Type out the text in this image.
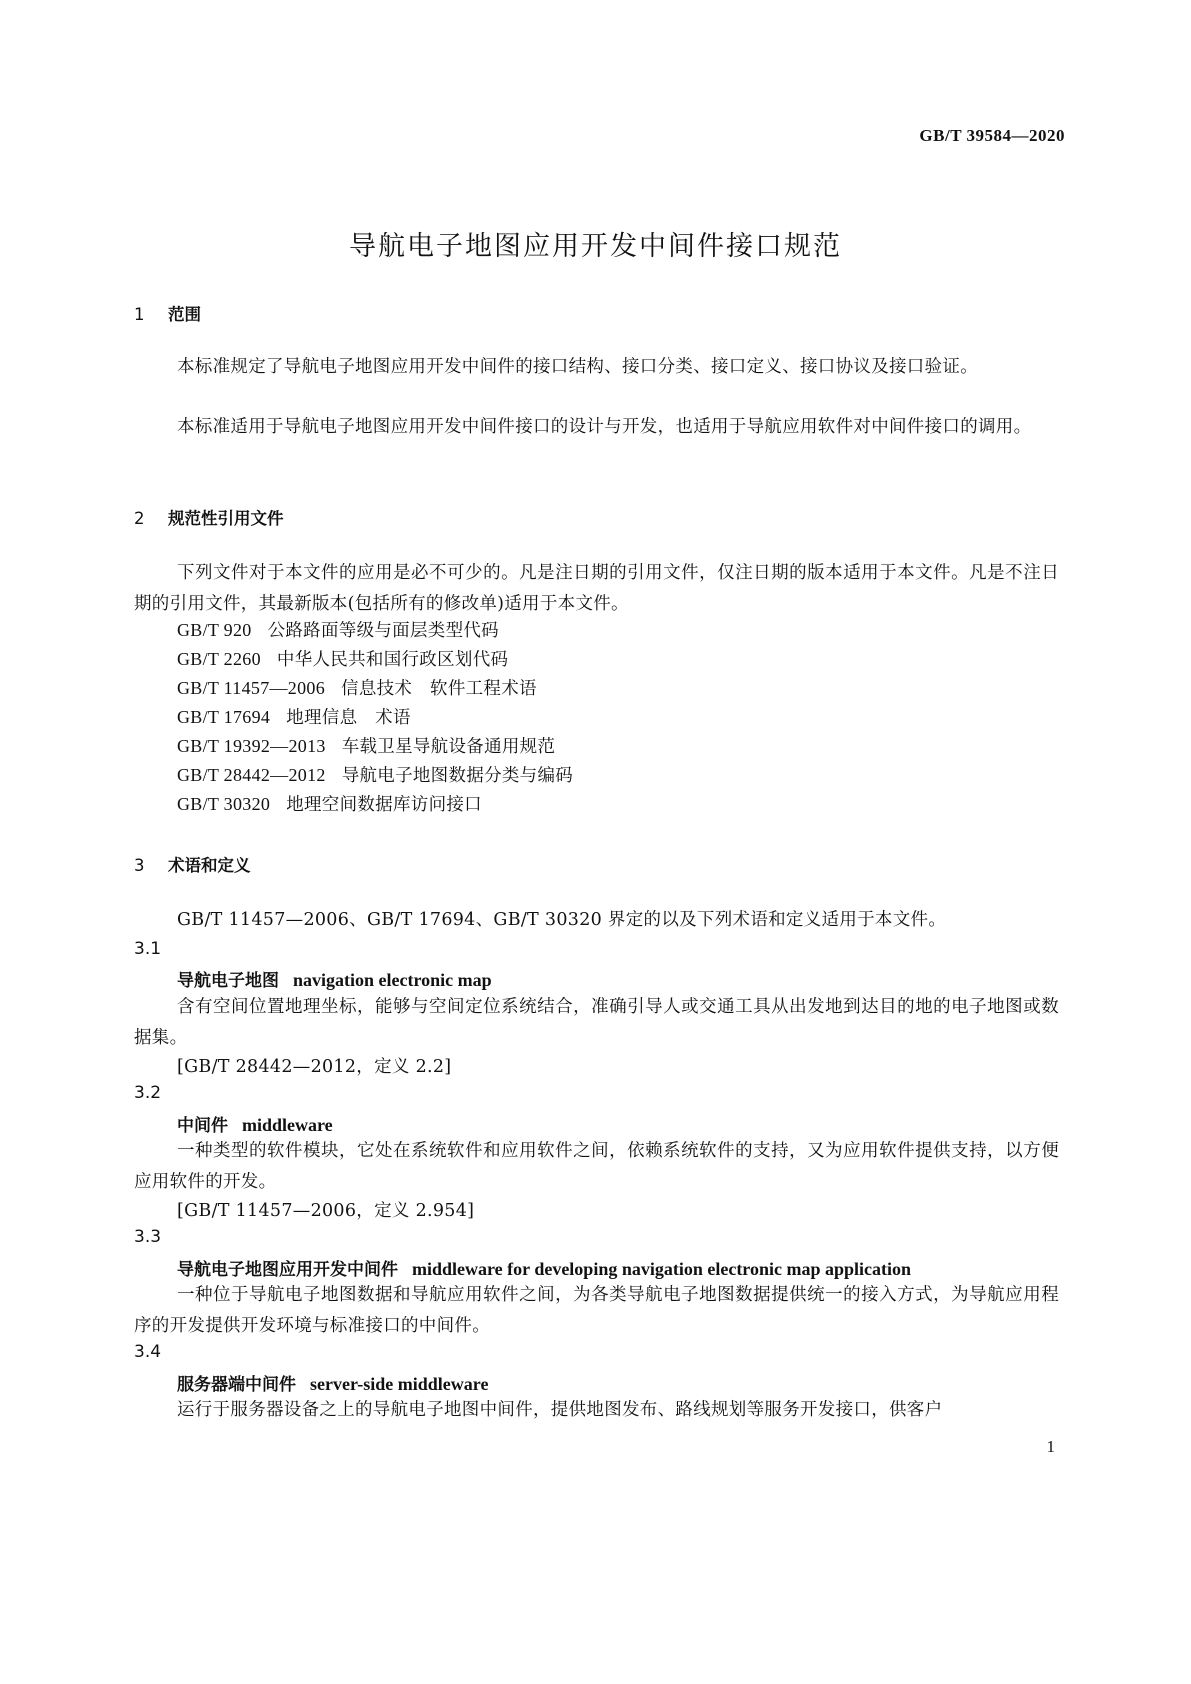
GB/T 39584—2020
导航电子地图应用开发中间件接口规范
1 范围
本标准规定了导航电子地图应用开发中间件的接口结构、接口分类、接口定义、接口协议及接口验证。
本标准适用于导航电子地图应用开发中间件接口的设计与开发，也适用于导航应用软件对中间件接口的调用。
2 规范性引用文件
下列文件对于本文件的应用是必不可少的。凡是注日期的引用文件，仅注日期的版本适用于本文件。凡是不注日期的引用文件，其最新版本(包括所有的修改单)适用于本文件。
GB/T 920 公路路面等级与面层类型代码
GB/T 2260 中华人民共和国行政区划代码
GB/T 11457—2006 信息技术　软件工程术语
GB/T 17694 地理信息　术语
GB/T 19392—2013 车载卫星导航设备通用规范
GB/T 28442—2012 导航电子地图数据分类与编码
GB/T 30320 地理空间数据库访问接口
3 术语和定义
GB/T 11457—2006、GB/T 17694、GB/T 30320 界定的以及下列术语和定义适用于本文件。
3.1
导航电子地图 navigation electronic map
含有空间位置地理坐标，能够与空间定位系统结合，准确引导人或交通工具从出发地到达目的地的电子地图或数据集。
[GB/T 28442—2012，定义 2.2]
3.2
中间件 middleware
一种类型的软件模块，它处在系统软件和应用软件之间，依赖系统软件的支持，又为应用软件提供支持，以方便应用软件的开发。
[GB/T 11457—2006，定义 2.954]
3.3
导航电子地图应用开发中间件 middleware for developing navigation electronic map application
一种位于导航电子地图数据和导航应用软件之间，为各类导航电子地图数据提供统一的接入方式，为导航应用程序的开发提供开发环境与标准接口的中间件。
3.4
服务器端中间件 server-side middleware
运行于服务器设备之上的导航电子地图中间件，提供地图发布、路线规划等服务开发接口，供客户
1
